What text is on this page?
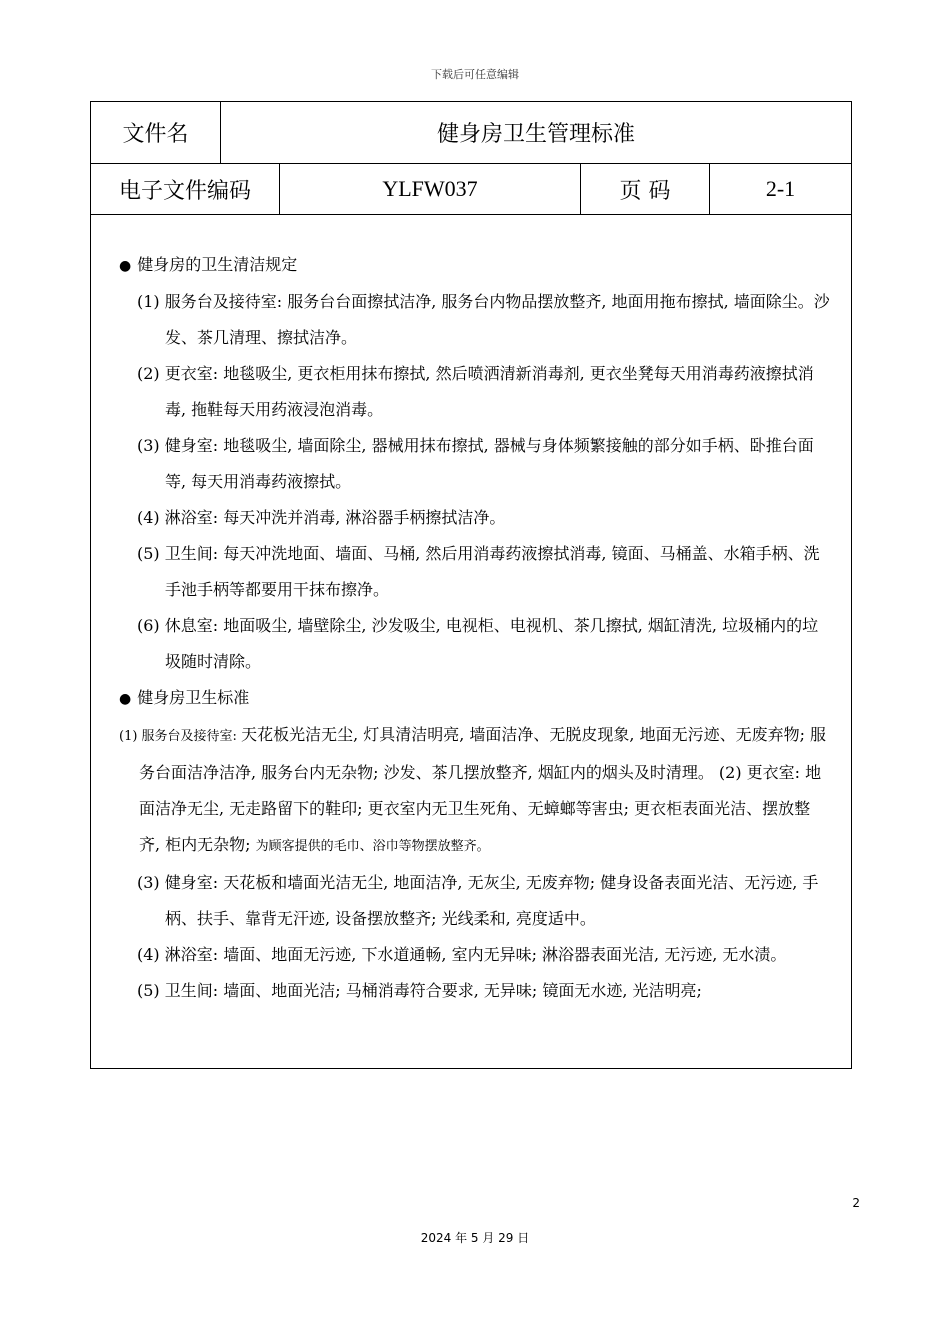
下载后可任意编辑
文件名	健身房卫生管理标准
电子文件编码	YLFW037	页 码	2-1

● 健身房的卫生清洁规定

(1) 服务台及接待室: 服务台台面擦拭洁净, 服务台内物品摆放整齐, 地面用拖布擦拭, 墙面除尘。沙发、茶几清理、擦拭洁净。

(2) 更衣室: 地毯吸尘, 更衣柜用抹布擦拭, 然后喷洒清新消毒剂, 更衣坐凳每天用消毒药液擦拭消毒, 拖鞋每天用药液浸泡消毒。

(3) 健身室: 地毯吸尘, 墙面除尘, 器械用抹布擦拭, 器械与身体频繁接触的部分如手柄、卧推台面等, 每天用消毒药液擦拭。

(4) 淋浴室: 每天冲洗并消毒, 淋浴器手柄擦拭洁净。

(5) 卫生间: 每天冲洗地面、墙面、马桶, 然后用消毒药液擦拭消毒, 镜面、马桶盖、水箱手柄、洗手池手柄等都要用干抹布擦净。

(6) 休息室: 地面吸尘, 墙壁除尘, 沙发吸尘, 电视柜、电视机、茶几擦拭, 烟缸清洗, 垃圾桶内的垃圾随时清除。

● 健身房卫生标准

(1) 服务台及接待室: 天花板光洁无尘, 灯具清洁明亮, 墙面洁净、无脱皮现象, 地面无污迹、无废弃物; 服务台面洁净洁净, 服务台内无杂物; 沙发、茶几摆放整齐, 烟缸内的烟头及时清理。 (2) 更衣室: 地面洁净无尘, 无走路留下的鞋印; 更衣室内无卫生死角、无蟑螂等害虫; 更衣柜表面光洁、摆放整齐, 柜内无杂物; 为顾客提供的毛巾、浴巾等物摆放整齐。

(3) 健身室: 天花板和墙面光洁无尘, 地面洁净, 无灰尘, 无废弃物; 健身设备表面光洁、无污迹, 手柄、扶手、靠背无汗迹, 设备摆放整齐; 光线柔和, 亮度适中。

(4) 淋浴室: 墙面、地面无污迹, 下水道通畅, 室内无异味; 淋浴器表面光洁, 无污迹, 无水渍。

(5) 卫生间: 墙面、地面光洁; 马桶消毒符合要求, 无异味; 镜面无水迹, 光洁明亮;

2
2024 年 5 月 29 日
